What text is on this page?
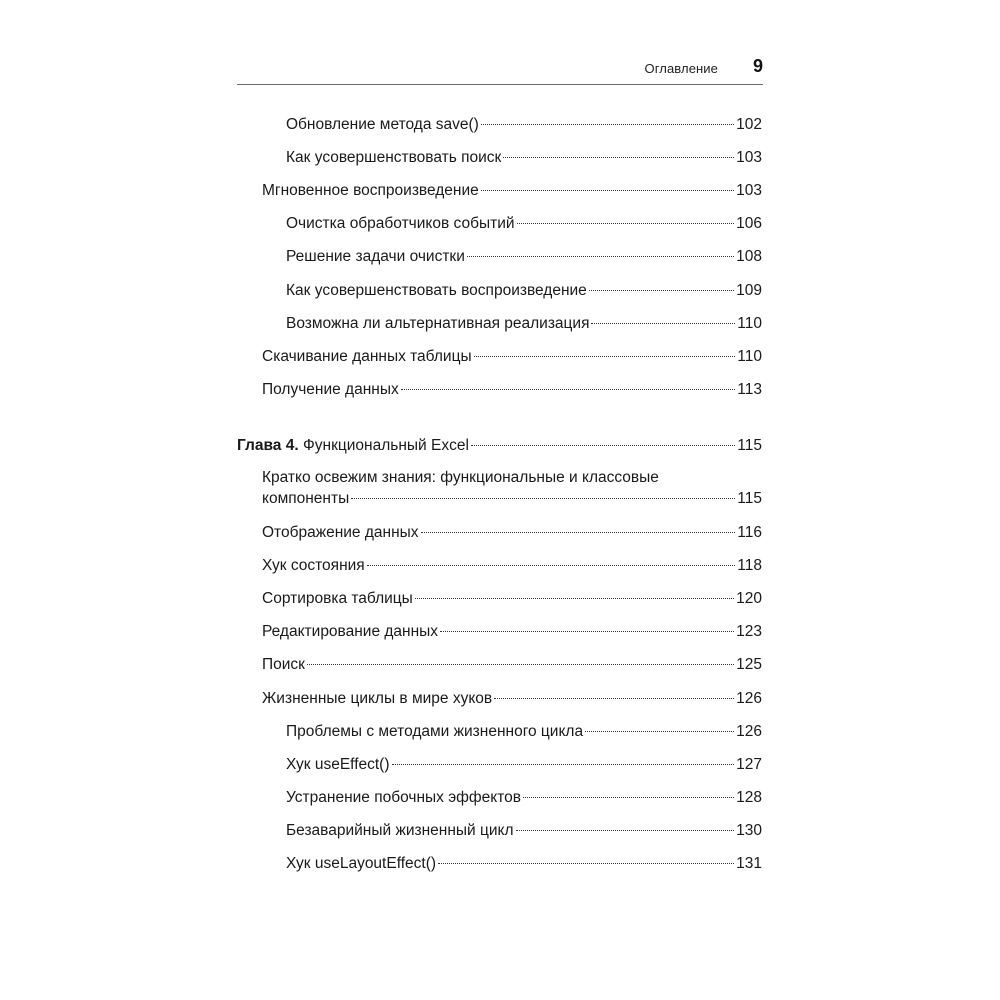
Оглавление 9
Обновление метода save()	102
Как усовершенствовать поиск	103
Мгновенное воспроизведение	103
Очистка обработчиков событий	106
Решение задачи очистки	108
Как усовершенствовать воспроизведение	109
Возможна ли альтернативная реализация	110
Скачивание данных таблицы	110
Получение данных	113
Глава 4. Функциональный Excel	115
Кратко освежим знания: функциональные и классовые
компоненты	115
Отображение данных	116
Хук состояния	118
Сортировка таблицы	120
Редактирование данных	123
Поиск	125
Жизненные циклы в мире хуков	126
Проблемы с методами жизненного цикла	126
Хук useEffect()	127
Устранение побочных эффектов	128
Безаварийный жизненный цикл	130
Хук useLayoutEffect()	131
